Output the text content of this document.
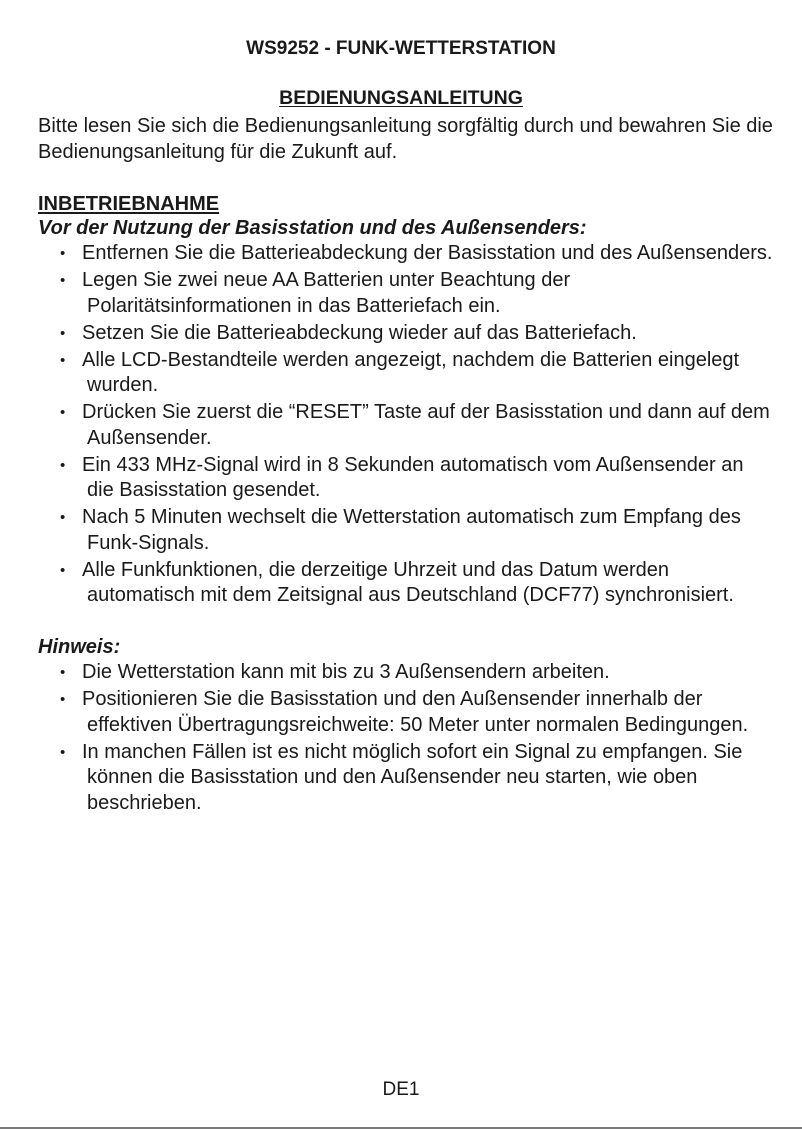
WS9252 - FUNK-WETTERSTATION
BEDIENUNGSANLEITUNG

Bitte lesen Sie sich die Bedienungsanleitung sorgfältig durch und bewahren Sie die Bedienungsanleitung für die Zukunft auf.

INBETRIEBNAHME

Vor der Nutzung der Basisstation und des Außensenders:

• Entfernen Sie die Batterieabdeckung der Basisstation und des Außensenders.
• Legen Sie zwei neue AA Batterien unter Beachtung der Polaritätsinformationen in das Batteriefach ein.
• Setzen Sie die Batterieabdeckung wieder auf das Batteriefach.
• Alle LCD-Bestandteile werden angezeigt, nachdem die Batterien eingelegt wurden.
• Drücken Sie zuerst die “RESET” Taste auf der Basisstation und dann auf dem Außensender.
• Ein 433 MHz-Signal wird in 8 Sekunden automatisch vom Außensender an die Basisstation gesendet.
• Nach 5 Minuten wechselt die Wetterstation automatisch zum Empfang des Funk-Signals.
• Alle Funkfunktionen, die derzeitige Uhrzeit und das Datum werden automatisch mit dem Zeitsignal aus Deutschland (DCF77) synchronisiert.

Hinweis:

• Die Wetterstation kann mit bis zu 3 Außensendern arbeiten.
• Positionieren Sie die Basisstation und den Außensender innerhalb der effektiven Übertragungsreichweite: 50 Meter unter normalen Bedingungen.
• In manchen Fällen ist es nicht möglich sofort ein Signal zu empfangen. Sie können die Basisstation und den Außensender neu starten, wie oben beschrieben.

DE1
